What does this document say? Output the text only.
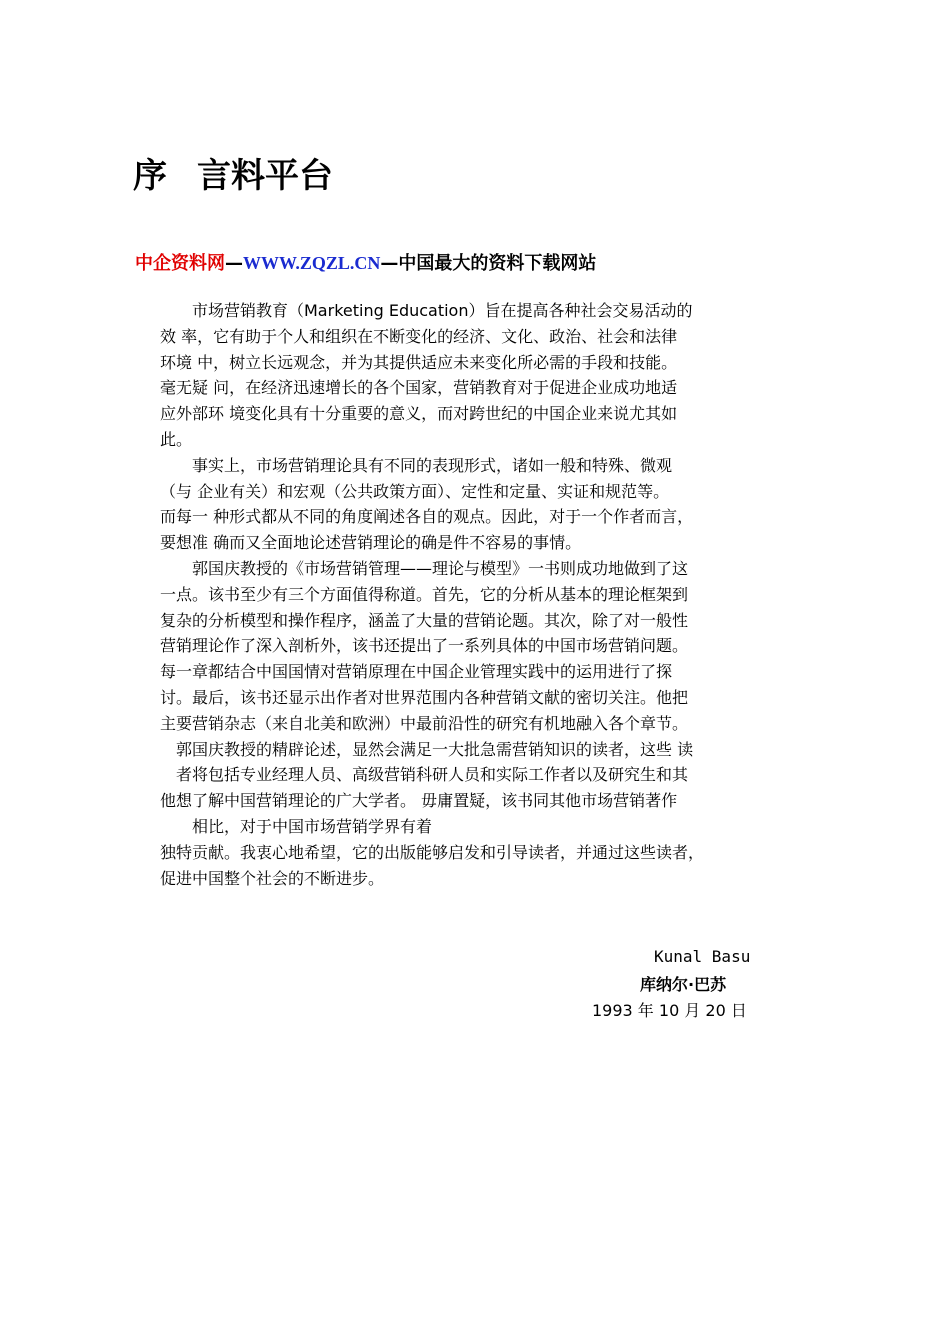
序 言料平台
中企资料网—WWW.ZQZL.CN—中国最大的资料下载网站
　　市场营销教育（Marketing Education）旨在提高各种社会交易活动的
效 率，它有助于个人和组织在不断变化的经济、文化、政治、社会和法律
环境 中，树立长远观念，并为其提供适应未来变化所必需的手段和技能。
毫无疑 问，在经济迅速增长的各个国家，营销教育对于促进企业成功地适
应外部环 境变化具有十分重要的意义，而对跨世纪的中国企业来说尤其如
此。
　　事实上，市场营销理论具有不同的表现形式，诸如一般和特殊、微观
（与 企业有关）和宏观（公共政策方面）、定性和定量、实证和规范等。
而每一 种形式都从不同的角度阐述各自的观点。因此，对于一个作者而言，
要想准 确而又全面地论述营销理论的确是件不容易的事情。
　　郭国庆教授的《市场营销管理——理论与模型》一书则成功地做到了这
一点。该书至少有三个方面值得称道。首先，它的分析从基本的理论框架到
复杂的分析模型和操作程序，涵盖了大量的营销论题。其次，除了对一般性
营销理论作了深入剖析外，该书还提出了一系列具体的中国市场营销问题。
每一章都结合中国国情对营销原理在中国企业管理实践中的运用进行了探
讨。最后，该书还显示出作者对世界范围内各种营销文献的密切关注。他把
主要营销杂志（来自北美和欧洲）中最前沿性的研究有机地融入各个章节。
　郭国庆教授的精辟论述，显然会满足一大批急需营销知识的读者，这些 读
　者将包括专业经理人员、高级营销科研人员和实际工作者以及研究生和其
他想了解中国营销理论的广大学者。 毋庸置疑，该书同其他市场营销著作
　　相比，对于中国市场营销学界有着
独特贡献。我衷心地希望，它的出版能够启发和引导读者，并通过这些读者，
促进中国整个社会的不断进步。
Kunal Basu
库纳尔·巴苏
1993 年 10 月 20 日
